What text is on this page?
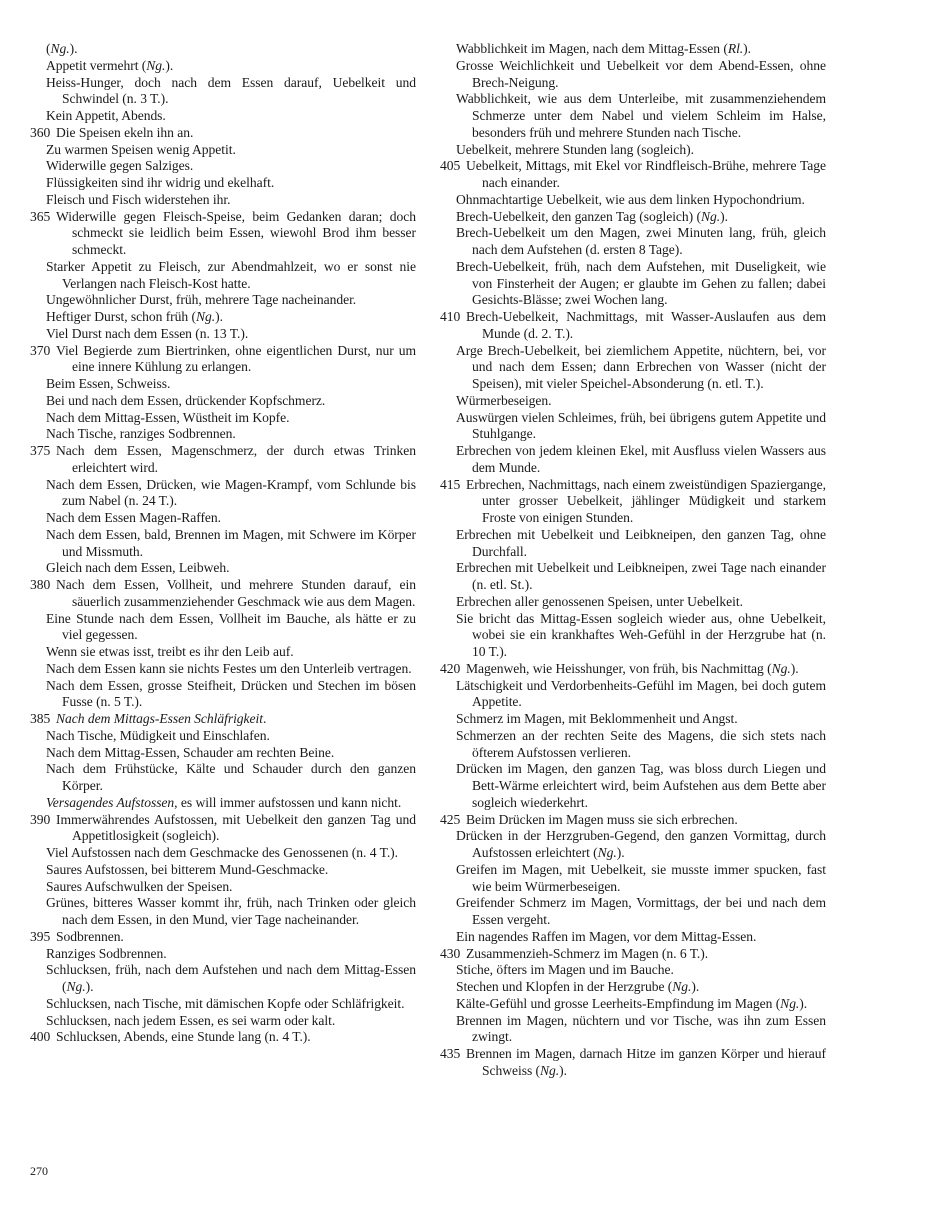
(Ng.).
Appetit vermehrt (Ng.).
Heiss-Hunger, doch nach dem Essen darauf, Uebelkeit und Schwindel (n. 3 T.).
Kein Appetit, Abends.
360 Die Speisen ekeln ihn an.
Zu warmen Speisen wenig Appetit.
Widerwille gegen Salziges.
Flüssigkeiten sind ihr widrig und ekelhaft.
Fleisch und Fisch widerstehen ihr.
365 Widerwille gegen Fleisch-Speise, beim Gedanken daran; doch schmeckt sie leidlich beim Essen, wiewohl Brod ihm besser schmeckt.
Starker Appetit zu Fleisch, zur Abendmahlzeit, wo er sonst nie Verlangen nach Fleisch-Kost hatte.
Ungewöhnlicher Durst, früh, mehrere Tage nacheinander.
Heftiger Durst, schon früh (Ng.).
Viel Durst nach dem Essen (n. 13 T.).
370 Viel Begierde zum Biertrinken, ohne eigentlichen Durst, nur um eine innere Kühlung zu erlangen.
Beim Essen, Schweiss.
Bei und nach dem Essen, drückender Kopfschmerz.
Nach dem Mittag-Essen, Wüstheit im Kopfe.
Nach Tische, ranziges Sodbrennen.
375 Nach dem Essen, Magenschmerz, der durch etwas Trinken erleichtert wird.
Nach dem Essen, Drücken, wie Magen-Krampf, vom Schlunde bis zum Nabel (n. 24 T.).
Nach dem Essen Magen-Raffen.
Nach dem Essen, bald, Brennen im Magen, mit Schwere im Körper und Missmuth.
Gleich nach dem Essen, Leibweh.
380 Nach dem Essen, Vollheit, und mehrere Stunden darauf, ein säuerlich zusammenziehender Geschmack wie aus dem Magen.
Eine Stunde nach dem Essen, Vollheit im Bauche, als hätte er zu viel gegessen.
Wenn sie etwas isst, treibt es ihr den Leib auf.
Nach dem Essen kann sie nichts Festes um den Unterleib vertragen.
Nach dem Essen, grosse Steifheit, Drücken und Stechen im bösen Fusse (n. 5 T.).
385 Nach dem Mittags-Essen Schläfrigkeit.
Nach Tische, Müdigkeit und Einschlafen.
Nach dem Mittag-Essen, Schauder am rechten Beine.
Nach dem Frühstücke, Kälte und Schauder durch den ganzen Körper.
Versagendes Aufstossen, es will immer aufstossen und kann nicht.
390 Immerwährendes Aufstossen, mit Uebelkeit den ganzen Tag und Appetitlosigkeit (sogleich).
Viel Aufstossen nach dem Geschmacke des Genossenen (n. 4 T.).
Saures Aufstossen, bei bitterem Mund-Geschmacke.
Saures Aufschwulken der Speisen.
Grünes, bitteres Wasser kommt ihr, früh, nach Trinken oder gleich nach dem Essen, in den Mund, vier Tage nacheinander.
395 Sodbrennen.
Ranziges Sodbrennen.
Schlucksen, früh, nach dem Aufstehen und nach dem Mittag-Essen (Ng.).
Schlucksen, nach Tische, mit dämischen Kopfe oder Schläfrigkeit.
Schlucksen, nach jedem Essen, es sei warm oder kalt.
400 Schlucksen, Abends, eine Stunde lang (n. 4 T.).
Wabblichkeit im Magen, nach dem Mittag-Essen (Rl.).
Grosse Weichlichkeit und Uebelkeit vor dem Abend-Essen, ohne Brech-Neigung.
Wabblichkeit, wie aus dem Unterleibe, mit zusammenziehendem Schmerze unter dem Nabel und vielem Schleim im Halse, besonders früh und mehrere Stunden nach Tische.
Uebelkeit, mehrere Stunden lang (sogleich).
405 Uebelkeit, Mittags, mit Ekel vor Rindfleisch-Brühe, mehrere Tage nach einander.
Ohnmachtartige Uebelkeit, wie aus dem linken Hypochondrium.
Brech-Uebelkeit, den ganzen Tag (sogleich) (Ng.).
Brech-Uebelkeit um den Magen, zwei Minuten lang, früh, gleich nach dem Aufstehen (d. ersten 8 Tage).
Brech-Uebelkeit, früh, nach dem Aufstehen, mit Duseligkeit, wie von Finsterheit der Augen; er glaubte im Gehen zu fallen; dabei Gesichts-Blässe; zwei Wochen lang.
410 Brech-Uebelkeit, Nachmittags, mit Wasser-Auslaufen aus dem Munde (d. 2. T.).
Arge Brech-Uebelkeit, bei ziemlichem Appetite, nüchtern, bei, vor und nach dem Essen; dann Erbrechen von Wasser (nicht der Speisen), mit vieler Speichel-Absonderung (n. etl. T.).
Würmerbeseigen.
Auswürgen vielen Schleimes, früh, bei übrigens gutem Appetite und Stuhlgange.
Erbrechen von jedem kleinen Ekel, mit Ausfluss vielen Wassers aus dem Munde.
415 Erbrechen, Nachmittags, nach einem zweistündigen Spaziergange, unter grosser Uebelkeit, jählinger Müdigkeit und starkem Froste von einigen Stunden.
Erbrechen mit Uebelkeit und Leibkneipen, den ganzen Tag, ohne Durchfall.
Erbrechen mit Uebelkeit und Leibkneipen, zwei Tage nach einander (n. etl. St.).
Erbrechen aller genossenen Speisen, unter Uebelkeit.
Sie bricht das Mittag-Essen sogleich wieder aus, ohne Uebelkeit, wobei sie ein krankhaftes Weh-Gefühl in der Herzgrube hat (n. 10 T.).
420 Magenweh, wie Heisshunger, von früh, bis Nachmittag (Ng.).
Lätschigkeit und Verdorbenheits-Gefühl im Magen, bei doch gutem Appetite.
Schmerz im Magen, mit Beklommenheit und Angst.
Schmerzen an der rechten Seite des Magens, die sich stets nach öfterem Aufstossen verlieren.
Drücken im Magen, den ganzen Tag, was bloss durch Liegen und Bett-Wärme erleichtert wird, beim Aufstehen aus dem Bette aber sogleich wiederkehrt.
425 Beim Drücken im Magen muss sie sich erbrechen.
Drücken in der Herzgruben-Gegend, den ganzen Vormittag, durch Aufstossen erleichtert (Ng.).
Greifen im Magen, mit Uebelkeit, sie musste immer spucken, fast wie beim Würmerbeseigen.
Greifender Schmerz im Magen, Vormittags, der bei und nach dem Essen vergeht.
Ein nagendes Raffen im Magen, vor dem Mittag-Essen.
430 Zusammenzieh-Schmerz im Magen (n. 6 T.).
Stiche, öfters im Magen und im Bauche.
Stechen und Klopfen in der Herzgrube (Ng.).
Kälte-Gefühl und grosse Leerheits-Empfindung im Magen (Ng.).
Brennen im Magen, nüchtern und vor Tische, was ihn zum Essen zwingt.
435 Brennen im Magen, darnach Hitze im ganzen Körper und hierauf Schweiss (Ng.).
270
